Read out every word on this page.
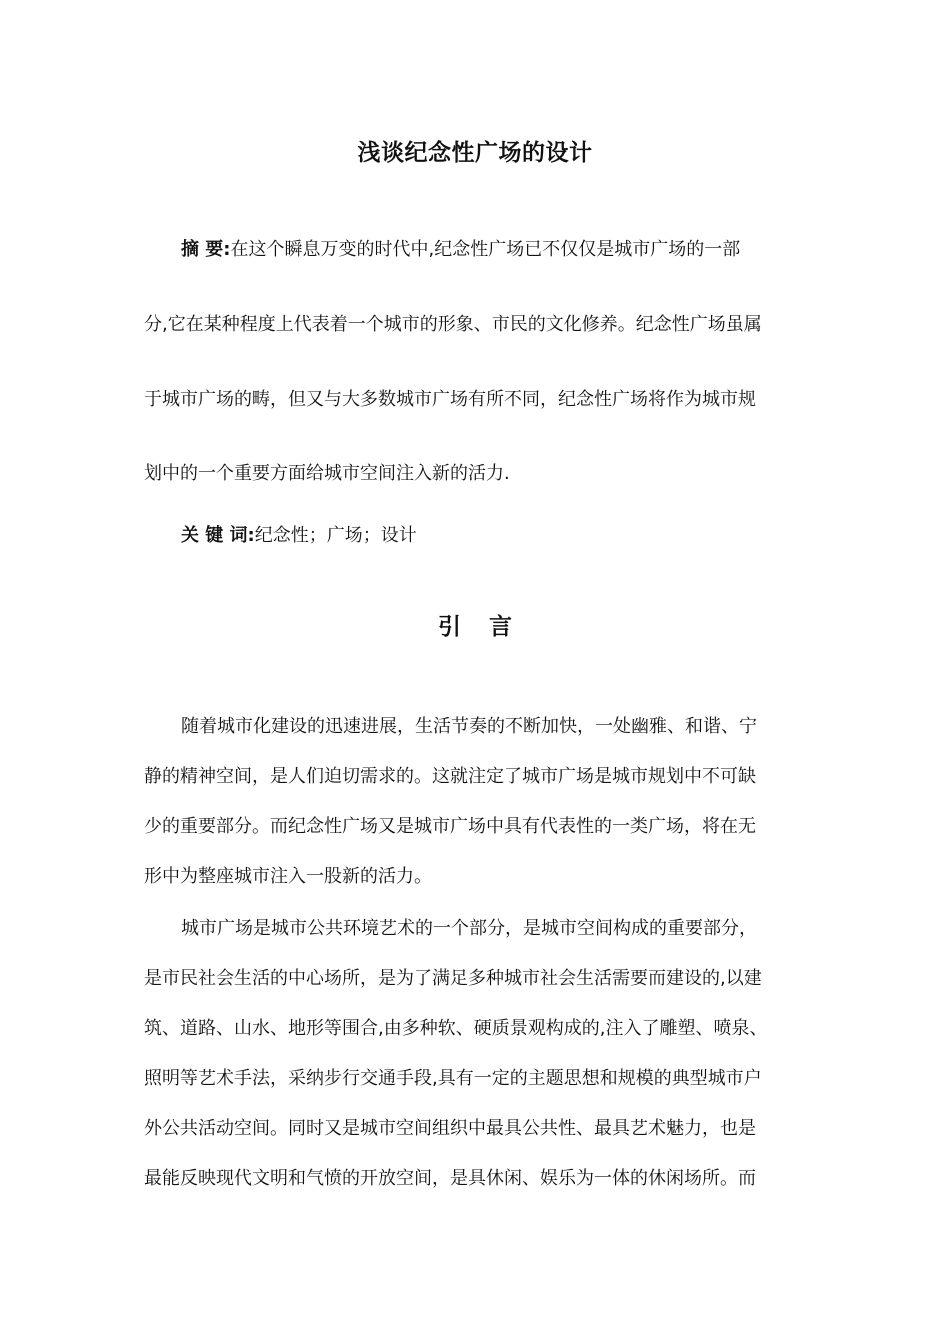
浅谈纪念性广场的设计
摘 要:在这个瞬息万变的时代中,纪念性广场已不仅仅是城市广场的一部
分,它在某种程度上代表着一个城市的形象、市民的文化修养。纪念性广场虽属
于城市广场的畴，但又与大多数城市广场有所不同，纪念性广场将作为城市规
划中的一个重要方面给城市空间注入新的活力.
关 键 词:纪念性；广场；设计
引言
随着城市化建设的迅速进展，生活节奏的不断加快，一处幽雅、和谐、宁
静的精神空间，是人们迫切需求的。这就注定了城市广场是城市规划中不可缺
少的重要部分。而纪念性广场又是城市广场中具有代表性的一类广场，将在无
形中为整座城市注入一股新的活力。
城市广场是城市公共环境艺术的一个部分，是城市空间构成的重要部分，
是市民社会生活的中心场所，是为了满足多种城市社会生活需要而建设的,以建
筑、道路、山水、地形等围合,由多种软、硬质景观构成的,注入了雕塑、喷泉、
照明等艺术手法，采纳步行交通手段,具有一定的主题思想和规模的典型城市户
外公共活动空间。同时又是城市空间组织中最具公共性、最具艺术魅力，也是
最能反映现代文明和气愤的开放空间，是具休闲、娱乐为一体的休闲场所。而
